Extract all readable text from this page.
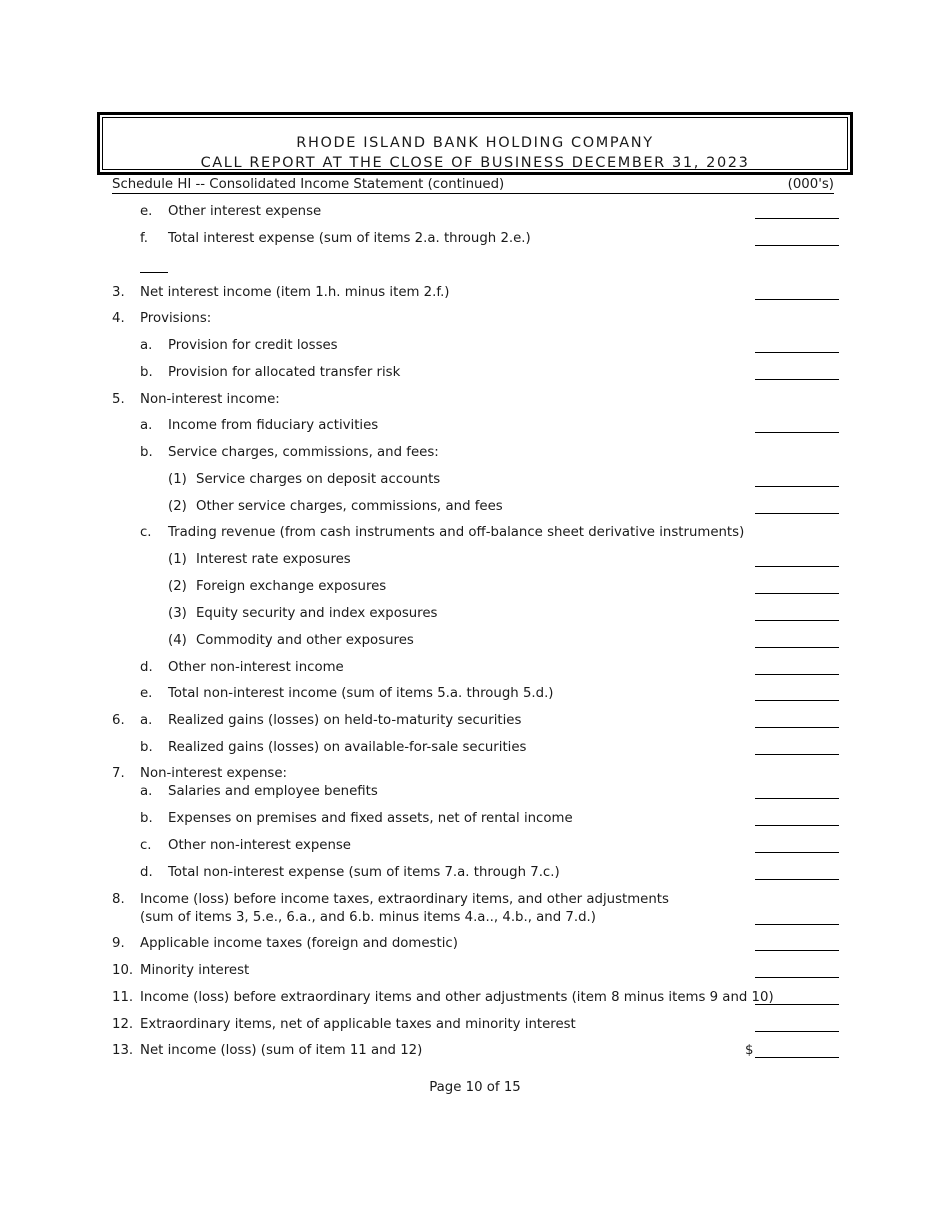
RHODE ISLAND BANK HOLDING COMPANY
CALL REPORT AT THE CLOSE OF BUSINESS DECEMBER 31, 2023
Schedule HI -- Consolidated Income Statement (continued)	(000's)
e. Other interest expense
f. Total interest expense (sum of items 2.a. through 2.e.)
3. Net interest income (item 1.h. minus item 2.f.)
4. Provisions:
a. Provision for credit losses
b. Provision for allocated transfer risk
5. Non-interest income:
a. Income from fiduciary activities
b. Service charges, commissions, and fees:
(1) Service charges on deposit accounts
(2) Other service charges, commissions, and fees
c. Trading revenue (from cash instruments and off-balance sheet derivative instruments)
(1) Interest rate exposures
(2) Foreign exchange exposures
(3) Equity security and index exposures
(4) Commodity and other exposures
d. Other non-interest income
e. Total non-interest income (sum of items 5.a. through 5.d.)
6. a. Realized gains (losses) on held-to-maturity securities
b. Realized gains (losses) on available-for-sale securities
7. Non-interest expense:
a. Salaries and employee benefits
b. Expenses on premises and fixed assets, net of rental income
c. Other non-interest expense
d. Total non-interest expense (sum of items 7.a. through 7.c.)
8. Income (loss) before income taxes, extraordinary items, and other adjustments
(sum of items 3, 5.e., 6.a., and 6.b. minus items 4.a.., 4.b., and 7.d.)
9. Applicable income taxes (foreign and domestic)
10. Minority interest
11. Income (loss) before extraordinary items and other adjustments (item 8 minus items 9 and 10)
12. Extraordinary items, net of applicable taxes and minority interest
13. Net income (loss) (sum of item 11 and 12)	$
Page 10 of 15
